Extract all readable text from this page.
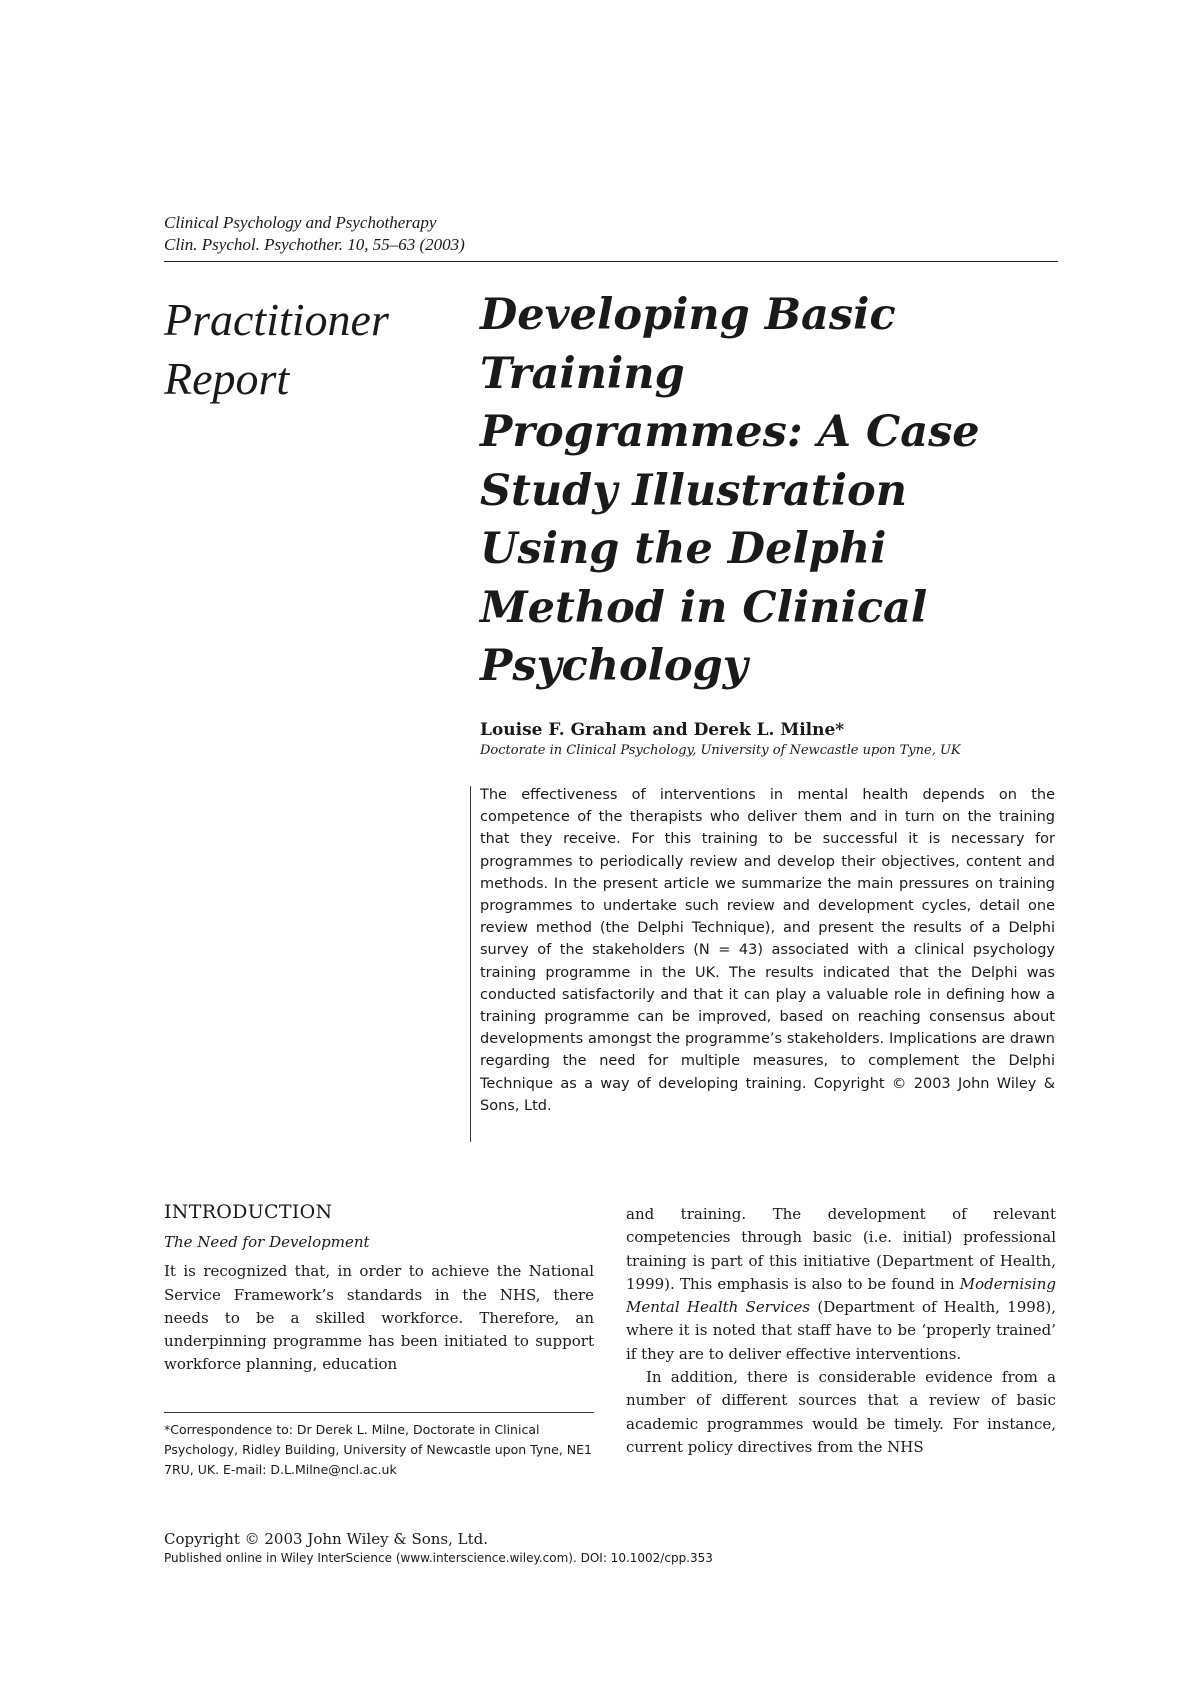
Clinical Psychology and Psychotherapy
Clin. Psychol. Psychother. 10, 55–63 (2003)
Practitioner
Report
Developing Basic
Training
Programmes: A Case
Study Illustration
Using the Delphi
Method in Clinical
Psychology
Louise F. Graham and Derek L. Milne*
Doctorate in Clinical Psychology, University of Newcastle upon Tyne, UK
The effectiveness of interventions in mental health depends on the competence of the therapists who deliver them and in turn on the training that they receive. For this training to be successful it is necessary for programmes to periodically review and develop their objectives, content and methods. In the present article we summarize the main pressures on training programmes to undertake such review and development cycles, detail one review method (the Delphi Technique), and present the results of a Delphi survey of the stakeholders (N = 43) associated with a clinical psychology training programme in the UK. The results indicated that the Delphi was conducted satisfactorily and that it can play a valuable role in defining how a training programme can be improved, based on reaching consensus about developments amongst the programme’s stakeholders. Implications are drawn regarding the need for multiple measures, to complement the Delphi Technique as a way of developing training. Copyright © 2003 John Wiley & Sons, Ltd.
INTRODUCTION
The Need for Development

It is recognized that, in order to achieve the National Service Framework’s standards in the NHS, there needs to be a skilled workforce. Therefore, an underpinning programme has been initiated to support workforce planning, education

and training. The development of relevant competencies through basic (i.e. initial) professional training is part of this initiative (Department of Health, 1999). This emphasis is also to be found in Modernising Mental Health Services (Department of Health, 1998), where it is noted that staff have to be ‘properly trained’ if they are to deliver effective interventions.

In addition, there is considerable evidence from a number of different sources that a review of basic academic programmes would be timely. For instance, current policy directives from the NHS

*Correspondence to: Dr Derek L. Milne, Doctorate in Clinical Psychology, Ridley Building, University of Newcastle upon Tyne, NE1 7RU, UK. E-mail: D.L.Milne@ncl.ac.uk
Copyright © 2003 John Wiley & Sons, Ltd.
Published online in Wiley InterScience (www.interscience.wiley.com). DOI: 10.1002/cpp.353
